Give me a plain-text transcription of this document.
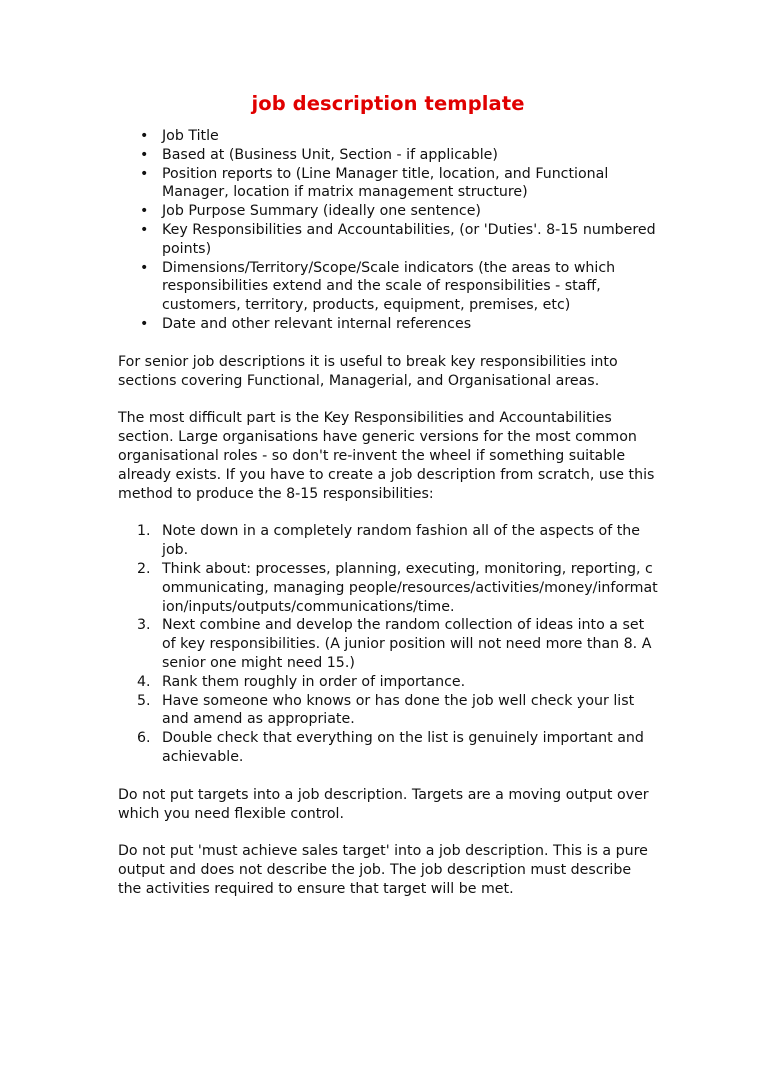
job description template
• Job Title
• Based at (Business Unit, Section - if applicable)
• Position reports to (Line Manager title, location, and Functional Manager, location if matrix management structure)
• Job Purpose Summary (ideally one sentence)
• Key Responsibilities and Accountabilities, (or 'Duties'. 8-15 numbered points)
• Dimensions/Territory/Scope/Scale indicators (the areas to which responsibilities extend and the scale of responsibilities - staff, customers, territory, products, equipment, premises, etc)
• Date and other relevant internal references

For senior job descriptions it is useful to break key responsibilities into sections covering Functional, Managerial, and Organisational areas.

The most difficult part is the Key Responsibilities and Accountabilities section. Large organisations have generic versions for the most common organisational roles - so don't re-invent the wheel if something suitable already exists. If you have to create a job description from scratch, use this method to produce the 8-15 responsibilities:

1. Note down in a completely random fashion all of the aspects of the job.
2. Think about: processes, planning, executing, monitoring, reporting, communicating, managing people/resources/activities/money/information/inputs/outputs/communications/time.
3. Next combine and develop the random collection of ideas into a set of key responsibilities. (A junior position will not need more than 8. A senior one might need 15.)
4. Rank them roughly in order of importance.
5. Have someone who knows or has done the job well check your list and amend as appropriate.
6. Double check that everything on the list is genuinely important and achievable.

Do not put targets into a job description. Targets are a moving output over which you need flexible control.

Do not put 'must achieve sales target' into a job description. This is a pure output and does not describe the job. The job description must describe the activities required to ensure that target will be met.
